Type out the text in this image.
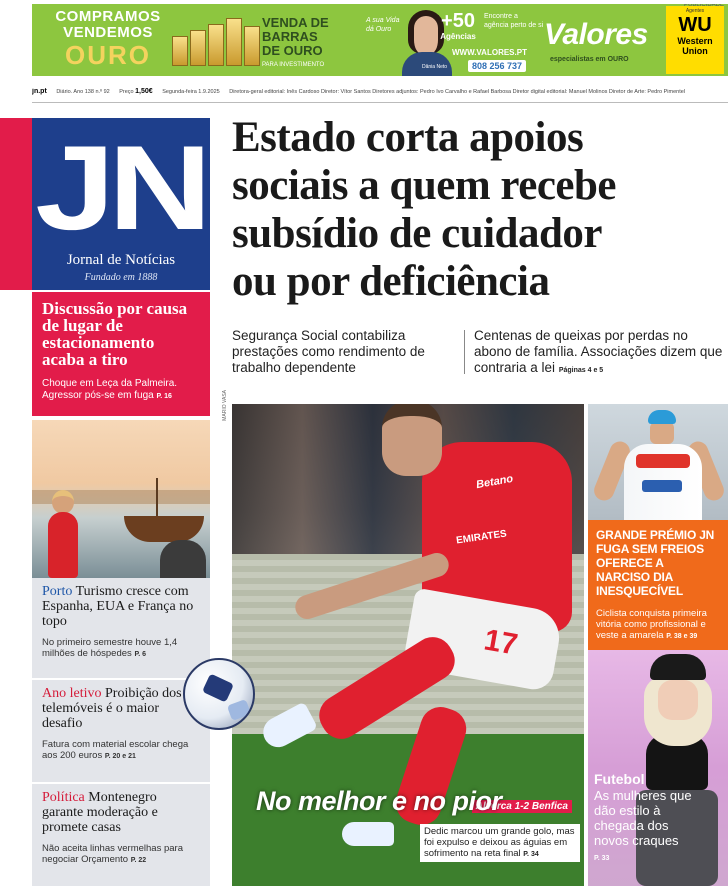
COMPRAMOS
VENDEMOS
OURO
VENDA DE
BARRAS
DE OURO
PARA INVESTIMENTO
A sua Vida dá Ouro
Dânia Neto
+50
Agências
Encontre a agência perto de si
WWW.VALORES.PT
808 256 737
Valores
especialistas em OURO
Agentes
WU
Western
Union
jn.pt Diário. Ano 138 n.º 92 Preço 1,50€ Segunda-feira 1.9.2025 Diretora-geral editorial: Inês Cardoso Diretor: Vítor Santos Diretores adjuntos: Pedro Ivo Carvalho e Rafael Barbosa Diretor digital editorial: Manuel Molinos Diretor de Arte: Pedro Pimentel
JN
Jornal de Notícias
Fundado em 1888
Discussão por causa de lugar de estacionamento acaba a tiro
Choque em Leça da Palmeira. Agressor pós-se em fuga P. 16
Porto Turismo cresce com Espanha, EUA e França no topo
No primeiro semestre houve 1,4 milhões de hóspedes P. 6
Ano letivo Proibição dos telemóveis é o maior desafio
Fatura com material escolar chega aos 200 euros P. 20 e 21
Política Montenegro garante moderação e promete casas
Não aceita linhas vermelhas para negociar Orçamento P. 22
Estado corta apoios
sociais a quem recebe
subsídio de cuidador
ou por deficiência
Segurança Social contabiliza prestações como rendimento de trabalho dependente
Centenas de queixas por perdas no abono de família. Associações dizem que contraria a lei Páginas 4 e 5
MARIO VASA
Betano
EMIRATES
17
Alverca 1-2 Benfica
No melhor e no pior
Dedic marcou um grande golo, mas foi expulso e deixou as águias em sofrimento na reta final P. 34
GRANDE PRÉMIO JN FUGA SEM FREIOS OFERECE A NARCISO DIA INESQUECÍVEL
Ciclista conquista primeira vitória como profissional e veste a amarela P. 38 e 39
Futebol
As mulheres que dão estilo à chegada dos novos craques
P. 33
